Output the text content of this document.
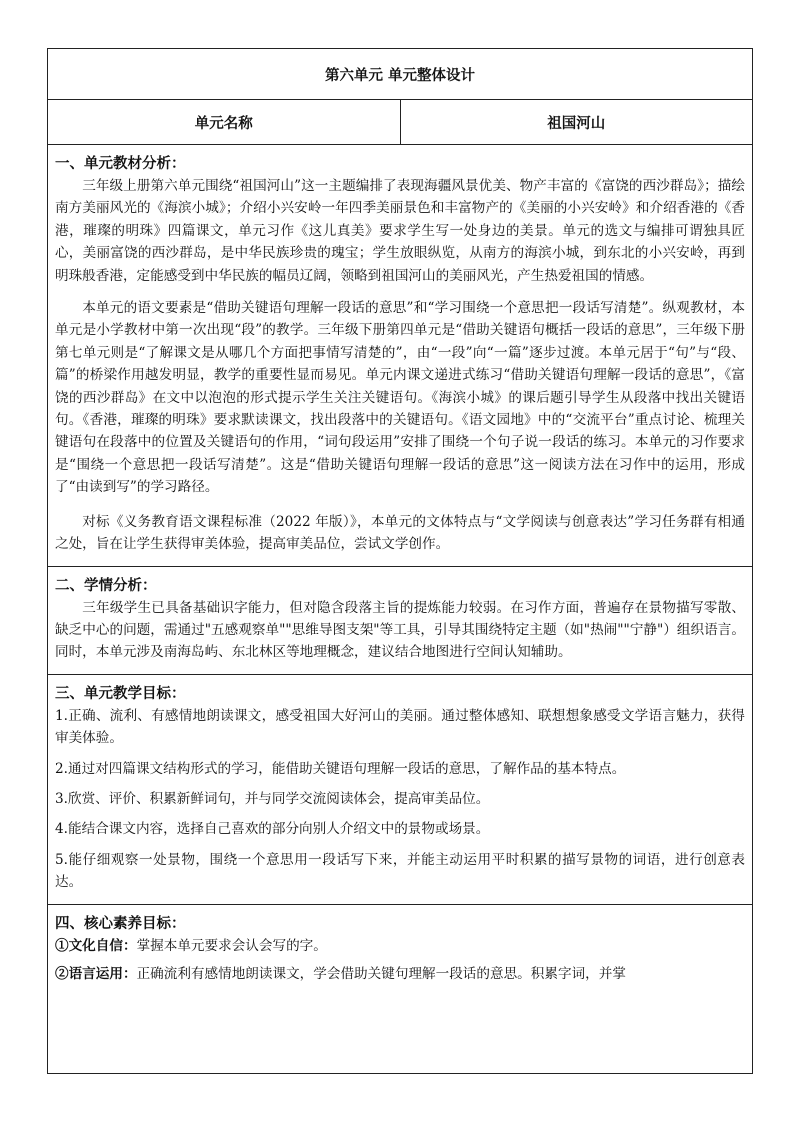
第六单元 单元整体设计
单元名称	祖国河山

一、单元教材分析：

三年级上册第六单元围绕“祖国河山”这一主题编排了表现海疆风景优美、物产丰富的《富饶的西沙群岛》；描绘南方美丽风光的《海滨小城》；介绍小兴安岭一年四季美丽景色和丰富物产的《美丽的小兴安岭》和介绍香港的《香港，璀璨的明珠》四篇课文，单元习作《这儿真美》要求学生写一处身边的美景。单元的选文与编排可谓独具匠心，美丽富饶的西沙群岛，是中华民族珍贵的瑰宝；学生放眼纵览，从南方的海滨小城，到东北的小兴安岭，再到明珠般香港，定能感受到中华民族的幅员辽阔，领略到祖国河山的美丽风光，产生热爱祖国的情感。

本单元的语文要素是“借助关键语句理解一段话的意思”和“学习围绕一个意思把一段话写清楚”。纵观教材，本单元是小学教材中第一次出现“段”的教学。三年级下册第四单元是“借助关键语句概括一段话的意思”，三年级下册第七单元则是“了解课文是从哪几个方面把事情写清楚的”，由“一段”向“一篇”逐步过渡。本单元居于“句”与“段、篇”的桥梁作用越发明显，教学的重要性显而易见。单元内课文递进式练习“借助关键语句理解一段话的意思”，《富饶的西沙群岛》在文中以泡泡的形式提示学生关注关键语句。《海滨小城》的课后题引导学生从段落中找出关键语句。《香港，璀璨的明珠》要求默读课文，找出段落中的关键语句。《语文园地》中的“交流平台”重点讨论、梳理关键语句在段落中的位置及关键语句的作用，“词句段运用”安排了围绕一个句子说一段话的练习。本单元的习作要求是“围绕一个意思把一段话写清楚”。这是“借助关键语句理解一段话的意思”这一阅读方法在习作中的运用，形成了“由读到写”的学习路径。

对标《义务教育语文课程标准（2022 年版）》，本单元的文体特点与“文学阅读与创意表达”学习任务群有相通之处，旨在让学生获得审美体验，提高审美品位，尝试文学创作。

二、学情分析：

三年级学生已具备基础识字能力，但对隐含段落主旨的提炼能力较弱。在习作方面，普遍存在景物描写零散、缺乏中心的问题，需通过"五感观察单""思维导图支架"等工具，引导其围绕特定主题（如"热闹""宁静"）组织语言。同时，本单元涉及南海岛屿、东北林区等地理概念，建议结合地图进行空间认知辅助。

三、单元教学目标：

1.正确、流利、有感情地朗读课文，感受祖国大好河山的美丽。通过整体感知、联想想象感受文学语言魅力，获得审美体验。

2.通过对四篇课文结构形式的学习，能借助关键语句理解一段话的意思，了解作品的基本特点。

3.欣赏、评价、积累新鲜词句，并与同学交流阅读体会，提高审美品位。

4.能结合课文内容，选择自己喜欢的部分向别人介绍文中的景物或场景。

5.能仔细观察一处景物，围绕一个意思用一段话写下来，并能主动运用平时积累的描写景物的词语，进行创意表达。

四、核心素养目标：

①文化自信：掌握本单元要求会认会写的字。

②语言运用：正确流利有感情地朗读课文，学会借助关键句理解一段话的意思。积累字词，并掌
